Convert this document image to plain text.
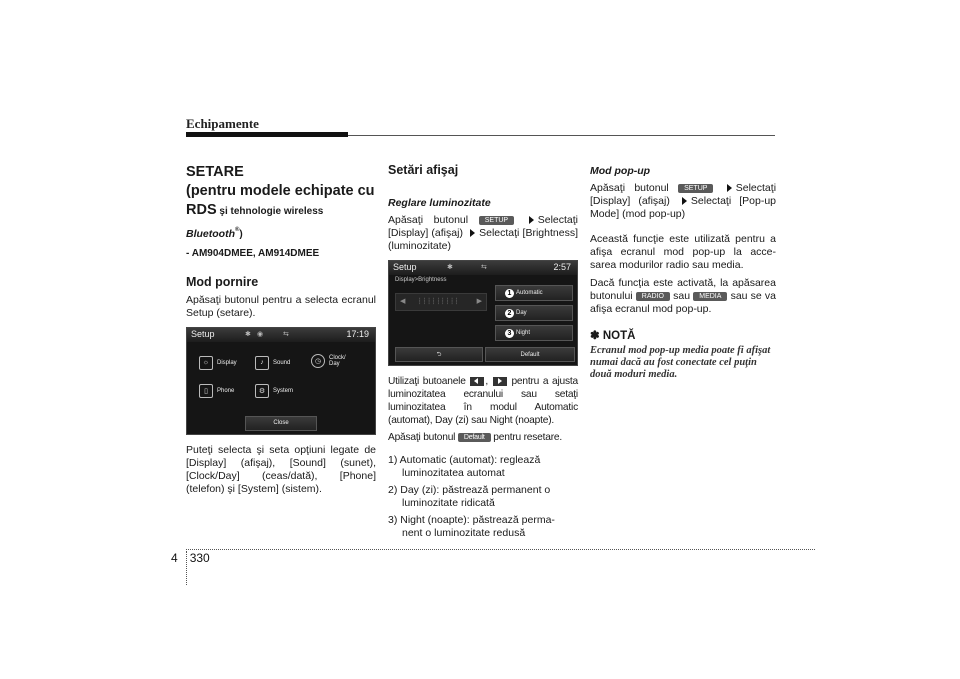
Echipamente
SETARE
(pentru modele echipate cu
RDS şi tehnologie wireless
Bluetooth®)
- AM904DMEE, AM914DMEE
Mod pornire
Apăsaţi butonul pentru a selecta ecranul Setup (setare).
Setup	✱ ◉	⇆	17:19
☼	Display	♪	Sound	◷	Clock/ Day
▯	Phone	⚙	System
Close
Puteţi selecta şi seta opţiuni legate de [Display] (afişaj), [Sound] (sunet), [Clock/Day] (ceas/dată), [Phone] (telefon) şi [System] (sistem).
Setări afişaj
Reglare luminozitate
Apăsaţi butonul SETUP	Selectaţi [Display] (afişaj) Selectaţi [Brightness] (luminozitate)
Setup	✱	⇆	2:57
Display>Brightness
◀ ┆┆┆┆┆┆┆┆┆ ▶
Automatic
Day
Night
1
2
3
⮌	Default
Utilizaţi butoanele , pentru a ajusta luminozitatea ecranului sau setaţi luminozitatea în modul Automatic (automat), Day (zi) sau Night (noapte).
Apăsaţi butonul Default pentru resetare.
1) Automatic (automat): reglează luminozitatea automat
2) Day (zi): păstrează permanent o luminozitate ridicată
3) Night (noapte): păstrează perma- nent o luminozitate redusă
Mod pop-up
Apăsaţi butonul SETUP	Selectaţi [Display] (afişaj) Selectaţi [Pop-up Mode] (mod pop-up)
Această funcţie este utilizată pentru a afişa ecranul mod pop-up la acce- sarea modurilor radio sau media.
Dacă funcţia este activată, la apăsarea butonului RADIO sau MEDIA sau se va afişa ecranul mod pop-up.
✽ NOTĂ
Ecranul mod pop-up media poate fi afişat numai dacă au fost conectate cel puţin două moduri media.
4 330
